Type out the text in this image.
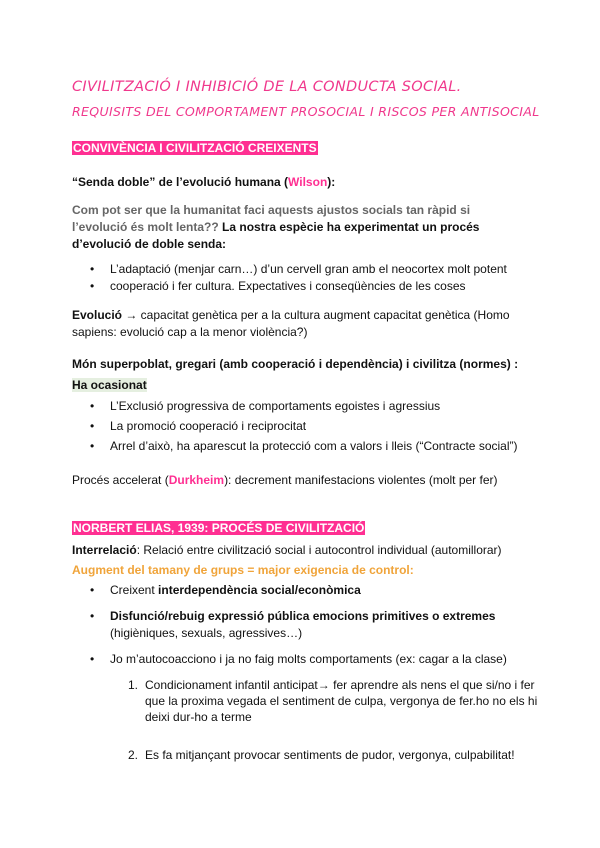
CIVILITZACIÓ I INHIBICIÓ DE LA CONDUCTA SOCIAL.
REQUISITS DEL COMPORTAMENT PROSOCIAL I RISCOS PER ANTISOCIAL
CONVIVÈNCIA I CIVILITZACIÓ CREIXENTS
“Senda doble” de l’evolució humana (Wilson):
Com pot ser que la humanitat faci aquests ajustos socials tan ràpid si l’evolució és molt lenta?? La nostra espècie ha experimentat un procés d’evolució de doble senda:
• L’adaptació (menjar carn…) d’un cervell gran amb el neocortex molt potent
• cooperació i fer cultura. Expectatives i conseqüències de les coses
Evolució → capacitat genètica per a la cultura augment capacitat genètica (Homo sapiens: evolució cap a la menor violència?)
Món superpoblat, gregari (amb cooperació i dependència) i civilitza (normes) :
Ha ocasionat
• L’Exclusió progressiva de comportaments egoistes i agressius
• La promoció cooperació i reciprocitat
• Arrel d’això, ha aparescut la protecció com a valors i lleis (“Contracte social”)
Procés accelerat (Durkheim): decrement manifestacions violentes (molt per fer)
NORBERT ELIAS, 1939: PROCÉS DE CIVILITZACIÓ
Interrelació: Relació entre civilització social i autocontrol individual (automillorar)
Augment del tamany de grups = major exigencia de control:
• Creixent interdependència social/econòmica
• Disfunció/rebuig expressió pública emocions primitives o extremes
(higièniques, sexuals, agressives…)
• Jo m’autocoacciono i ja no faig molts comportaments (ex: cagar a la clase)
1. Condicionament infantil anticipat→ fer aprendre als nens el que si/no i fer que la proxima vegada el sentiment de culpa, vergonya de fer.ho no els hi deixi dur-ho a terme
2. Es fa mitjançant provocar sentiments de pudor, vergonya, culpabilitat!
